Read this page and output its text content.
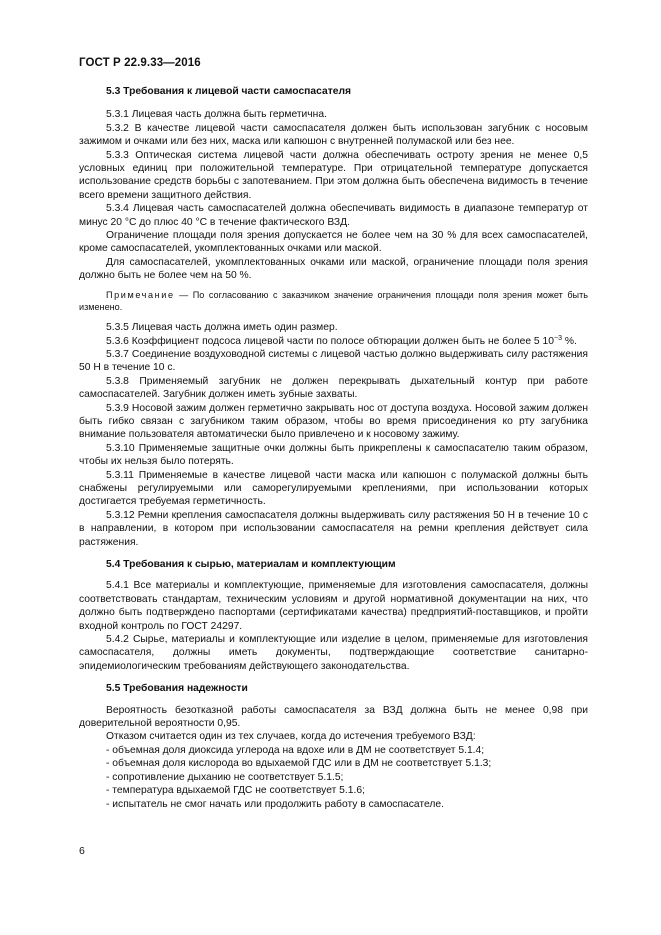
ГОСТ Р 22.9.33—2016

5.3 Требования к лицевой части самоспасателя

5.3.1 Лицевая часть должна быть герметична.

5.3.2 В качестве лицевой части самоспасателя должен быть использован загубник с носовым зажимом и очками или без них, маска или капюшон с внутренней полумаской или без нее.

5.3.3 Оптическая система лицевой части должна обеспечивать остроту зрения не менее 0,5 условных единиц при положительной температуре. При отрицательной температуре допускается использование средств борьбы с запотеванием. При этом должна быть обеспечена видимость в течение всего времени защитного действия.

5.3.4 Лицевая часть самоспасателей должна обеспечивать видимость в диапазоне температур от минус 20 °С до плюс 40 °С в течение фактического ВЗД.

Ограничение площади поля зрения допускается не более чем на 30 % для всех самоспасателей, кроме самоспасателей, укомплектованных очками или маской.

Для самоспасателей, укомплектованных очками или маской, ограничение площади поля зрения должно быть не более чем на 50 %.

Примечание — По согласованию с заказчиком значение ограничения площади поля зрения может быть изменено.

5.3.5 Лицевая часть должна иметь один размер.

5.3.6 Коэффициент подсоса лицевой части по полосе обтюрации должен быть не более 5 $10^{-3}$ %.

5.3.7 Соединение воздуховодной системы с лицевой частью должно выдерживать силу растяжения 50 Н в течение 10 с.

5.3.8 Применяемый загубник не должен перекрывать дыхательный контур при работе самоспасателей. Загубник должен иметь зубные захваты.

5.3.9 Носовой зажим должен герметично закрывать нос от доступа воздуха. Носовой зажим должен быть гибко связан с загубником таким образом, чтобы во время присоединения ко рту загубника внимание пользователя автоматически было привлечено и к носовому зажиму.

5.3.10 Применяемые защитные очки должны быть прикреплены к самоспасателю таким образом, чтобы их нельзя было потерять.

5.3.11 Применяемые в качестве лицевой части маска или капюшон с полумаской должны быть снабжены регулируемыми или саморегулируемыми креплениями, при использовании которых достигается требуемая герметичность.

5.3.12 Ремни крепления самоспасателя должны выдерживать силу растяжения 50 Н в течение 10 с в направлении, в котором при использовании самоспасателя на ремни крепления действует сила растяжения.

5.4 Требования к сырью, материалам и комплектующим

5.4.1 Все материалы и комплектующие, применяемые для изготовления самоспасателя, должны соответствовать стандартам, техническим условиям и другой нормативной документации на них, что должно быть подтверждено паспортами (сертификатами качества) предприятий-поставщиков, и пройти входной контроль по ГОСТ 24297.

5.4.2 Сырье, материалы и комплектующие или изделие в целом, применяемые для изготовления самоспасателя, должны иметь документы, подтверждающие соответствие санитарно-эпидемиологическим требованиям действующего законодательства.

5.5 Требования надежности

Вероятность безотказной работы самоспасателя за ВЗД должна быть не менее 0,98 при доверительной вероятности 0,95.

Отказом считается один из тех случаев, когда до истечения требуемого ВЗД:

- объемная доля диоксида углерода на вдохе или в ДМ не соответствует 5.1.4;

- объемная доля кислорода во вдыхаемой ГДС или в ДМ не соответствует 5.1.3;

- сопротивление дыханию не соответствует 5.1.5;

- температура вдыхаемой ГДС не соответствует 5.1.6;

- испытатель не смог начать или продолжить работу в самоспасателе.

6
